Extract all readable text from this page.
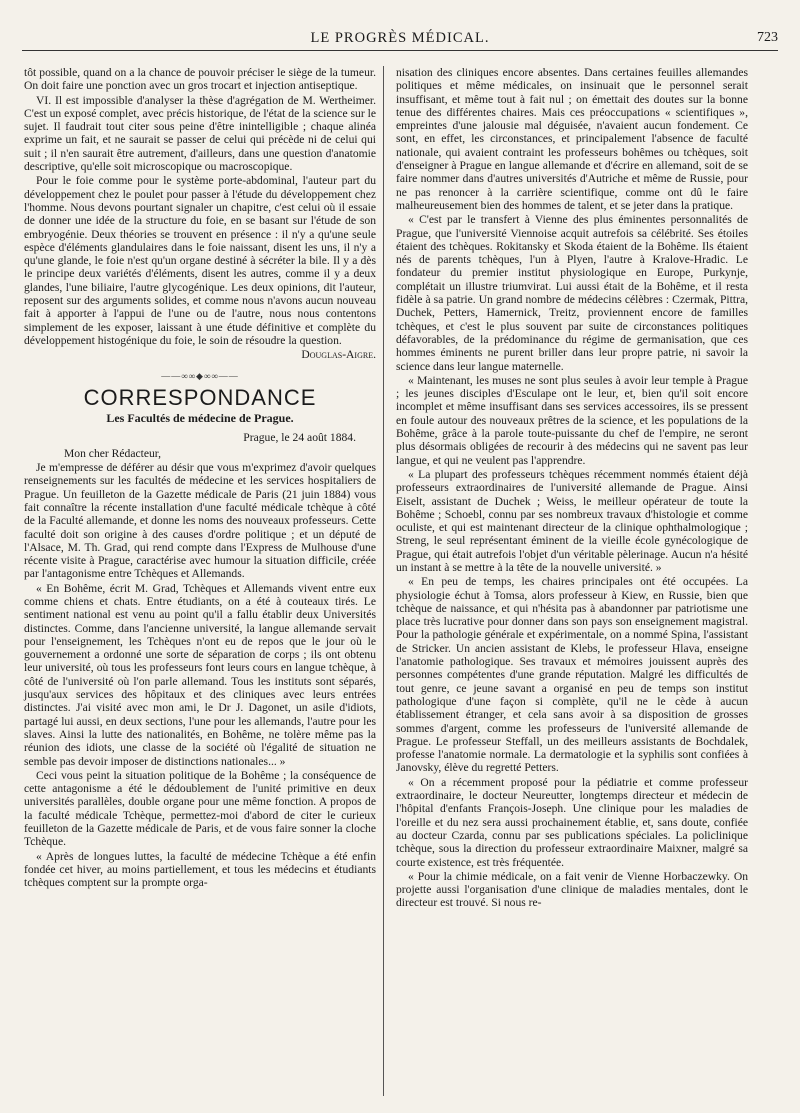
LE PROGRÈS MÉDICAL.	723

tôt possible, quand on a la chance de pouvoir préciser le siège de la tumeur. On doit faire une ponction avec un gros trocart et injection antiseptique.

VI. Il est impossible d'analyser la thèse d'agrégation de M. Wertheimer. C'est un exposé complet, avec précis historique, de l'état de la science sur le sujet. Il faudrait tout citer sous peine d'être inintelligible ; chaque alinéa exprime un fait, et ne saurait se passer de celui qui précède ni de celui qui suit ; il n'en saurait être autrement, d'ailleurs, dans une question d'anatomie descriptive, qu'elle soit microscopique ou macroscopique.

Pour le foie comme pour le système porte-abdominal, l'auteur part du développement chez le poulet pour passer à l'étude du développement chez l'homme. Nous devons pourtant signaler un chapitre, c'est celui où il essaie de donner une idée de la structure du foie, en se basant sur l'étude de son embryogénie. Deux théories se trouvent en présence : il n'y a qu'une seule espèce d'éléments glandulaires dans le foie naissant, disent les uns, il n'y a qu'une glande, le foie n'est qu'un organe destiné à sécréter la bile. Il y a dès le principe deux variétés d'éléments, disent les autres, comme il y a deux glandes, l'une biliaire, l'autre glycogénique. Les deux opinions, dit l'auteur, reposent sur des arguments solides, et comme nous n'avons aucun nouveau fait à apporter à l'appui de l'une ou de l'autre, nous nous contentons simplement de les exposer, laissant à une étude définitive et complète du développement histogénique du foie, le soin de résoudre la question.

Douglas-Aigre.

——∞∞◆∞∞——
CORRESPONDANCE
Les Facultés de médecine de Prague.

Prague, le 24 août 1884.

Mon cher Rédacteur,

Je m'empresse de déférer au désir que vous m'exprimez d'avoir quelques renseignements sur les facultés de médecine et les services hospitaliers de Prague. Un feuilleton de la Gazette médicale de Paris (21 juin 1884) vous fait connaître la récente installation d'une faculté médicale tchèque à côté de la Faculté allemande, et donne les noms des nouveaux professeurs. Cette faculté doit son origine à des causes d'ordre politique ; et un député de l'Alsace, M. Th. Grad, qui rend compte dans l'Express de Mulhouse d'une récente visite à Prague, caractérise avec humour la situation difficile, créée par l'antagonisme entre Tchèques et Allemands.

« En Bohême, écrit M. Grad, Tchèques et Allemands vivent entre eux comme chiens et chats. Entre étudiants, on a été à couteaux tirés. Le sentiment national est venu au point qu'il a fallu établir deux Universités distinctes. Comme, dans l'ancienne université, la langue allemande servait pour l'enseignement, les Tchèques n'ont eu de repos que le jour où le gouvernement a ordonné une sorte de séparation de corps ; ils ont obtenu leur université, où tous les professeurs font leurs cours en langue tchèque, à côté de l'université où l'on parle allemand. Tous les instituts sont séparés, jusqu'aux services des hôpitaux et des cliniques avec leurs entrées distinctes. J'ai visité avec mon ami, le Dr J. Dagonet, un asile d'idiots, partagé lui aussi, en deux sections, l'une pour les allemands, l'autre pour les slaves. Ainsi la lutte des nationalités, en Bohême, ne tolère même pas la réunion des idiots, une classe de la société où l'égalité de situation ne semble pas devoir imposer de distinctions nationales... »

Ceci vous peint la situation politique de la Bohême ; la conséquence de cette antagonisme a été le dédoublement de l'unité primitive en deux universités parallèles, double organe pour une même fonction. A propos de la faculté médicale Tchèque, permettez-moi d'abord de citer le curieux feuilleton de la Gazette médicale de Paris, et de vous faire sonner la cloche Tchèque.

« Après de longues luttes, la faculté de médecine Tchèque a été enfin fondée cet hiver, au moins partiellement, et tous les médecins et étudiants tchèques comptent sur la prompte orga-

nisation des cliniques encore absentes. Dans certaines feuilles allemandes politiques et même médicales, on insinuait que le personnel serait insuffisant, et même tout à fait nul ; on émettait des doutes sur la bonne tenue des différentes chaires. Mais ces préoccupations « scientifiques », empreintes d'une jalousie mal déguisée, n'avaient aucun fondement. Ce sont, en effet, les circonstances, et principalement l'absence de faculté nationale, qui avaient contraint les professeurs bohêmes ou tchèques, soit d'enseigner à Prague en langue allemande et d'écrire en allemand, soit de se faire nommer dans d'autres universités d'Autriche et même de Russie, pour ne pas renoncer à la carrière scientifique, comme ont dû le faire malheureusement bien des hommes de talent, et se jeter dans la pratique.

« C'est par le transfert à Vienne des plus éminentes personnalités de Prague, que l'université Viennoise acquit autrefois sa célébrité. Ses étoiles étaient des tchèques. Rokitansky et Skoda étaient de la Bohême. Ils étaient nés de parents tchèques, l'un à Plyen, l'autre à Kralove-Hradic. Le fondateur du premier institut physiologique en Europe, Purkynje, complétait un illustre triumvirat. Lui aussi était de la Bohême, et il resta fidèle à sa patrie. Un grand nombre de médecins célèbres : Czermak, Pittra, Duchek, Petters, Hamernick, Treitz, proviennent encore de familles tchèques, et c'est le plus souvent par suite de circonstances politiques défavorables, de la prédominance du régime de germanisation, que ces hommes éminents ne purent briller dans leur propre patrie, ni savoir la science dans leur langue maternelle.

« Maintenant, les muses ne sont plus seules à avoir leur temple à Prague ; les jeunes disciples d'Esculape ont le leur, et, bien qu'il soit encore incomplet et même insuffisant dans ses services accessoires, ils se pressent en foule autour des nouveaux prêtres de la science, et les populations de la Bohême, grâce à la parole toute-puissante du chef de l'empire, ne seront plus désormais obligées de recourir à des médecins qui ne savent pas leur langue, et qui ne veulent pas l'apprendre.

« La plupart des professeurs tchèques récemment nommés étaient déjà professeurs extraordinaires de l'université allemande de Prague. Ainsi Eiselt, assistant de Duchek ; Weiss, le meilleur opérateur de toute la Bohême ; Schoebl, connu par ses nombreux travaux d'histologie et comme oculiste, et qui est maintenant directeur de la clinique ophthalmologique ; Streng, le seul représentant éminent de la vieille école gynécologique de Prague, qui était autrefois l'objet d'un véritable pèlerinage. Aucun n'a hésité un instant à se mettre à la tête de la nouvelle université. »

« En peu de temps, les chaires principales ont été occupées. La physiologie échut à Tomsa, alors professeur à Kiew, en Russie, bien que tchèque de naissance, et qui n'hésita pas à abandonner par patriotisme une place très lucrative pour donner dans son pays son enseignement magistral. Pour la pathologie générale et expérimentale, on a nommé Spina, l'assistant de Stricker. Un ancien assistant de Klebs, le professeur Hlava, enseigne l'anatomie pathologique. Ses travaux et mémoires jouissent auprès des personnes compétentes d'une grande réputation. Malgré les difficultés de tout genre, ce jeune savant a organisé en peu de temps son institut pathologique d'une façon si complète, qu'il ne le cède à aucun établissement étranger, et cela sans avoir à sa disposition de grosses sommes d'argent, comme les professeurs de l'université allemande de Prague. Le professeur Steffall, un des meilleurs assistants de Bochdalek, professe l'anatomie normale. La dermatologie et la syphilis sont confiées à Janovsky, élève du regretté Petters.

« On a récemment proposé pour la pédiatrie et comme professeur extraordinaire, le docteur Neureutter, longtemps directeur et médecin de l'hôpital d'enfants François-Joseph. Une clinique pour les maladies de l'oreille et du nez sera aussi prochainement établie, et, sans doute, confiée au docteur Czarda, connu par ses publications spéciales. La policlinique tchèque, sous la direction du professeur extraordinaire Maixner, malgré sa courte existence, est très fréquentée.

« Pour la chimie médicale, on a fait venir de Vienne Horbaczewky. On projette aussi l'organisation d'une clinique de maladies mentales, dont le directeur est trouvé. Si nous re-
